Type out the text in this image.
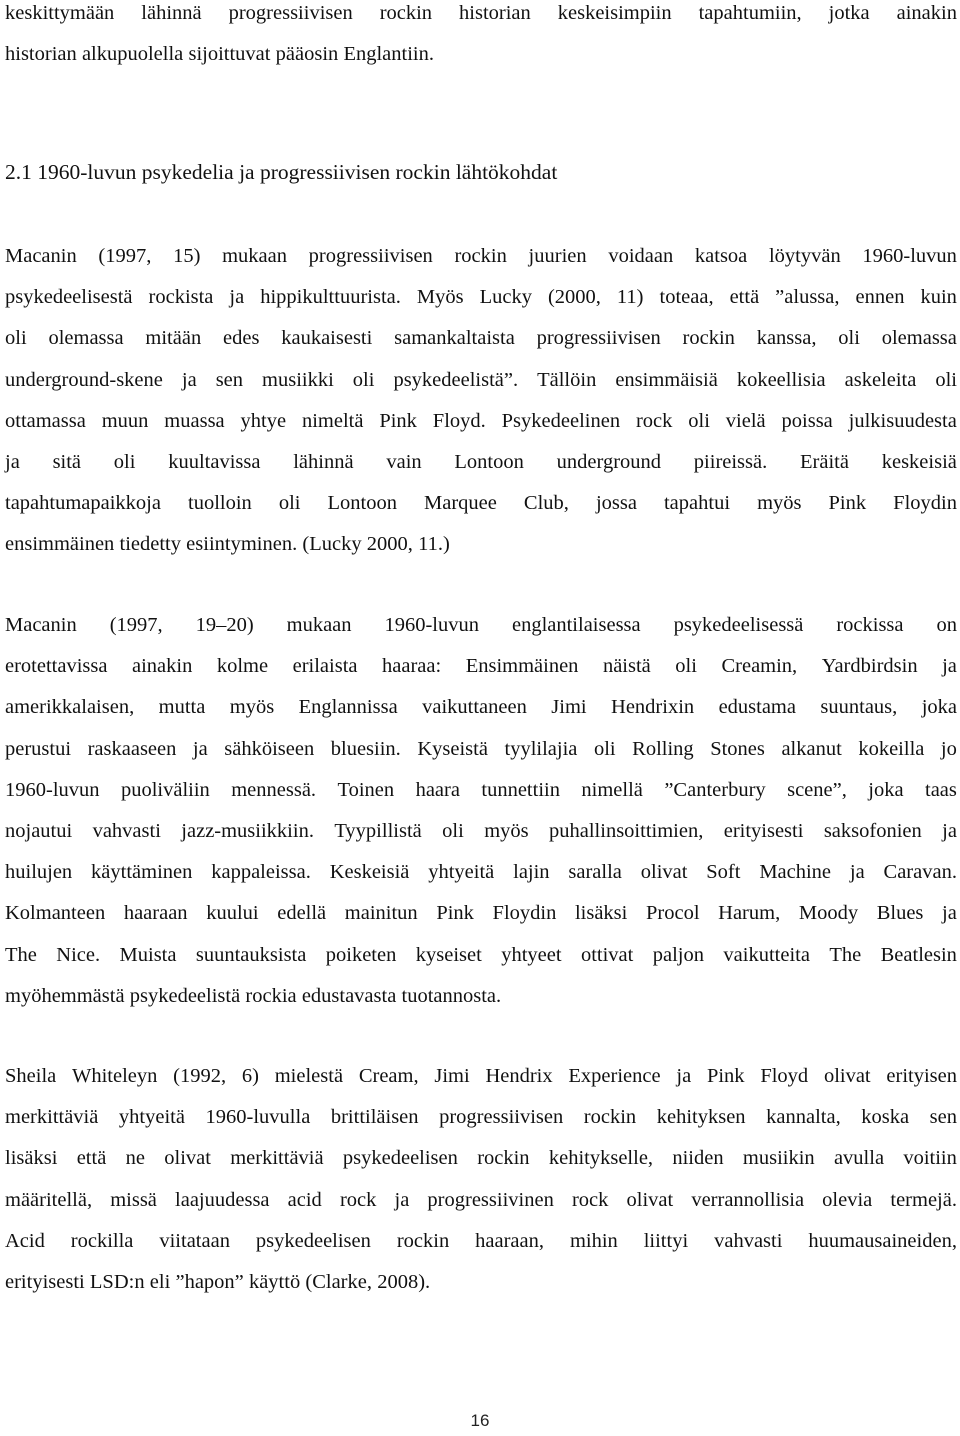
keskittymään lähinnä progressiivisen rockin historian keskeisimpiin tapahtumiin, jotka ainakin
historian alkupuolella sijoittuvat pääosin Englantiin.
2.1 1960-luvun psykedelia ja progressiivisen rockin lähtökohdat
Macanin (1997, 15) mukaan progressiivisen rockin juurien voidaan katsoa löytyvän 1960-luvun
psykedeelisestä rockista ja hippikulttuurista. Myös Lucky (2000, 11) toteaa, että ”alussa, ennen kuin
oli olemassa mitään edes kaukaisesti samankaltaista progressiivisen rockin kanssa, oli olemassa
underground-skene ja sen musiikki oli psykedeelistä”. Tällöin ensimmäisiä kokeellisia askeleita oli
ottamassa muun muassa yhtye nimeltä Pink Floyd. Psykedeelinen rock oli vielä poissa julkisuudesta
ja sitä oli kuultavissa lähinnä vain Lontoon underground piireissä. Eräitä keskeisiä
tapahtumapaikkoja tuolloin oli Lontoon Marquee Club, jossa tapahtui myös Pink Floydin
ensimmäinen tiedetty esiintyminen. (Lucky 2000, 11.)
Macanin (1997, 19–20) mukaan 1960-luvun englantilaisessa psykedeelisessä rockissa on
erotettavissa ainakin kolme erilaista haaraa: Ensimmäinen näistä oli Creamin, Yardbirdsin ja
amerikkalaisen, mutta myös Englannissa vaikuttaneen Jimi Hendrixin edustama suuntaus, joka
perustui raskaaseen ja sähköiseen bluesiin. Kyseistä tyylilajia oli Rolling Stones alkanut kokeilla jo
1960-luvun puoliväliin mennessä. Toinen haara tunnettiin nimellä ”Canterbury scene”, joka taas
nojautui vahvasti jazz-musiikkiin. Tyypillistä oli myös puhallinsoittimien, erityisesti saksofonien ja
huilujen käyttäminen kappaleissa. Keskeisiä yhtyeitä lajin saralla olivat Soft Machine ja Caravan.
Kolmanteen haaraan kuului edellä mainitun Pink Floydin lisäksi Procol Harum, Moody Blues ja
The Nice. Muista suuntauksista poiketen kyseiset yhtyeet ottivat paljon vaikutteita The Beatlesin
myöhemmästä psykedeelistä rockia edustavasta tuotannosta.
Sheila Whiteleyn (1992, 6) mielestä Cream, Jimi Hendrix Experience ja Pink Floyd olivat erityisen
merkittäviä yhtyeitä 1960-luvulla brittiläisen progressiivisen rockin kehityksen kannalta, koska sen
lisäksi että ne olivat merkittäviä psykedeelisen rockin kehitykselle, niiden musiikin avulla voitiin
määritellä, missä laajuudessa acid rock ja progressiivinen rock olivat verrannollisia olevia termejä.
Acid rockilla viitataan psykedeelisen rockin haaraan, mihin liittyi vahvasti huumausaineiden,
erityisesti LSD:n eli ”hapon” käyttö (Clarke, 2008).
16
